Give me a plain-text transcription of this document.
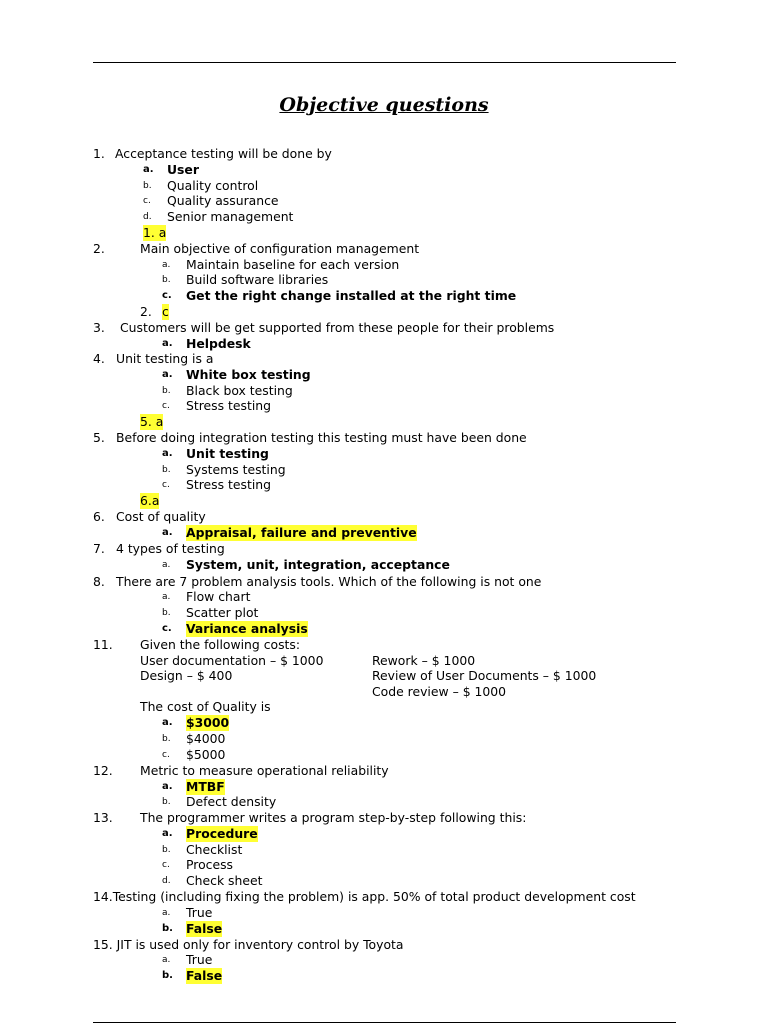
Objective questions
1. Acceptance testing will be done by
a. User
b. Quality control
c. Quality assurance
d. Senior management
1. a
2.	Main objective of configuration management
a. Maintain baseline for each version
b. Build software libraries
c. Get the right change installed at the right time
2. c
3. Customers will be get supported from these people for their problems
a. Helpdesk
4. Unit testing is a
a. White box testing
b. Black box testing
c. Stress testing
5. a
5. Before doing integration testing this testing must have been done
a. Unit testing
b. Systems testing
c. Stress testing
6.a
6. Cost of quality
a. Appraisal, failure and preventive
7. 4 types of testing
a. System, unit, integration, acceptance
8. There are 7 problem analysis tools. Which of the following is not one
a. Flow chart
b. Scatter plot
c. Variance analysis
11. Given the following costs:
User documentation – $ 1000
Design – $ 400
Rework – $ 1000
Review of User Documents – $ 1000
Code review – $ 1000
The cost of Quality is
a. $3000
b. $4000
c. $5000
12. Metric to measure operational reliability
a. MTBF
b. Defect density
13. The programmer writes a program step-by-step following this:
a. Procedure
b. Checklist
c. Process
d. Check sheet
14.Testing (including fixing the problem) is app. 50% of total product development cost
a. True
b. False
15. JIT is used only for inventory control by Toyota
a. True
b. False
